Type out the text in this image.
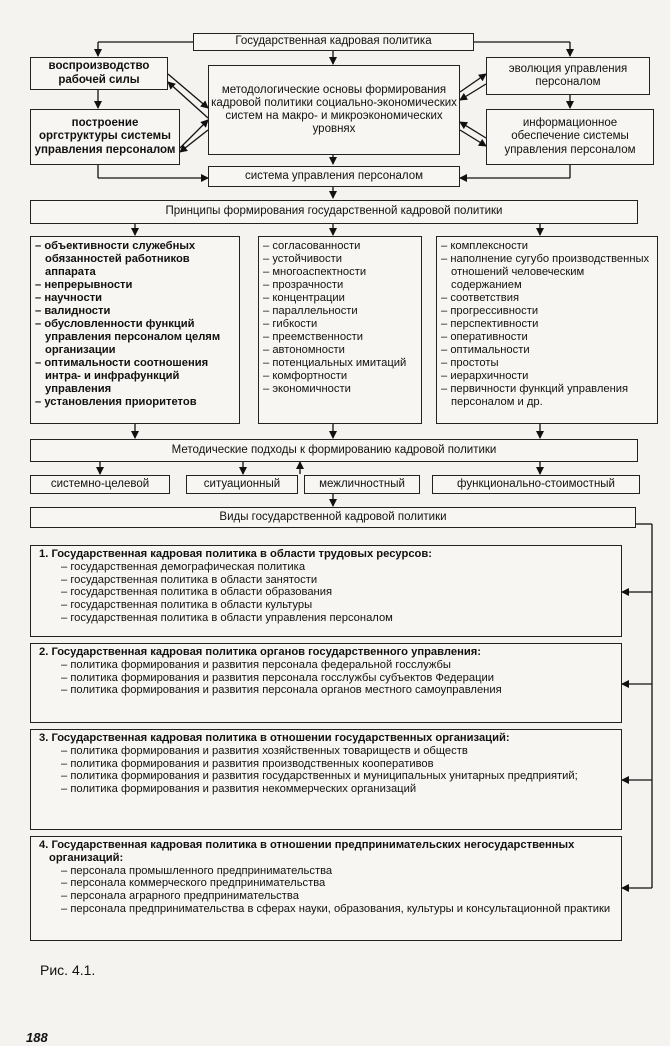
Государственная кадровая политика
воспроизводство рабочей силы
построение оргструктуры системы управления персоналом
методологические основы формирования кадровой политики социально-экономических систем на макро- и микроэкономических уровнях
эволюция управления персоналом
информационное обеспечение системы управления персоналом
система управления персоналом
Принципы формирования государственной кадровой политики
– объективности служебных обязанностей работников аппарата
– непрерывности
– научности
– валидности
– обусловленности функций управления персоналом целям организации
– оптимальности соотношения интра- и инфрафункций управления
– установления приоритетов
– согласованности
– устойчивости
– многоаспектности
– прозрачности
– концентрации
– параллельности
– гибкости
– преемственности
– автономности
– потенциальных имитаций
– комфортности
– экономичности
– комплексности
– наполнение сугубо производственных отношений человеческим содержанием
– соответствия
– прогрессивности
– перспективности
– оперативности
– оптимальности
– простоты
– иерархичности
– первичности функций управления персоналом и др.
Методические подходы к формированию кадровой политики
системно-целевой	ситуационный	межличностный	функционально-стоимостный
Виды государственной кадровой политики
1. Государственная кадровая политика в области трудовых ресурсов:
– государственная демографическая политика
– государственная политика в области занятости
– государственная политика в области образования
– государственная политика в области культуры
– государственная политика в области управления персоналом
2. Государственная кадровая политика органов государственного управления:
– политика формирования и развития персонала федеральной госслужбы
– политика формирования и развития персонала госслужбы субъектов Федерации
– политика формирования и развития персонала органов местного самоуправления
3. Государственная кадровая политика в отношении государственных организаций:
– политика формирования и развития хозяйственных товариществ и обществ
– политика формирования и развития производственных кооперативов
– политика формирования и развития государственных и муниципальных унитарных предприятий;
– политика формирования и развития некоммерческих организаций
4. Государственная кадровая политика в отношении предпринимательских негосударственных организаций:
– персонала промышленного предпринимательства
– персонала коммерческого предпринимательства
– персонала аграрного предпринимательства
– персонала предпринимательства в сферах науки, образования, культуры и консультационной практики
Рис. 4.1.
188
